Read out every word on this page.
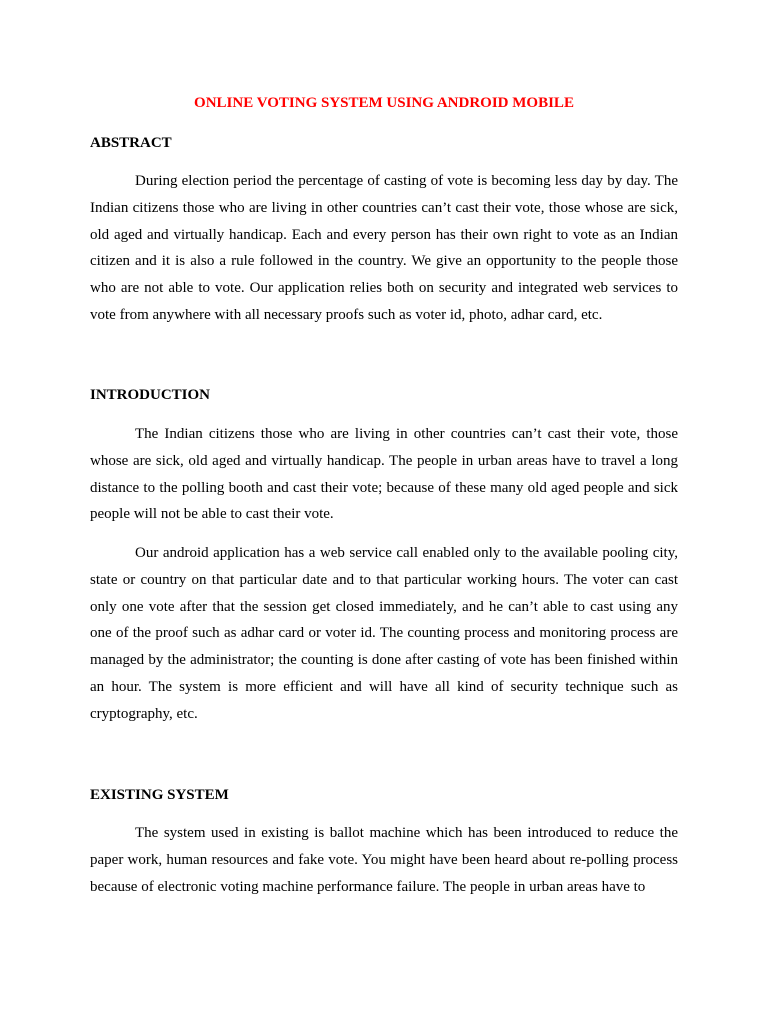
ONLINE VOTING SYSTEM USING ANDROID MOBILE
ABSTRACT

During election period the percentage of casting of vote is becoming less day by day. The Indian citizens those who are living in other countries can’t cast their vote, those whose are sick, old aged and virtually handicap. Each and every person has their own right to vote as an Indian citizen and it is also a rule followed in the country. We give an opportunity to the people those who are not able to vote. Our application relies both on security and integrated web services to vote from anywhere with all necessary proofs such as voter id, photo, adhar card, etc.

INTRODUCTION

The Indian citizens those who are living in other countries can’t cast their vote, those whose are sick, old aged and virtually handicap. The people in urban areas have to travel a long distance to the polling booth and cast their vote; because of these many old aged people and sick people will not be able to cast their vote.

Our android application has a web service call enabled only to the available pooling city, state or country on that particular date and to that particular working hours. The voter can cast only one vote after that the session get closed immediately, and he can’t able to cast using any one of the proof such as adhar card or voter id. The counting process and monitoring process are managed by the administrator; the counting is done after casting of vote has been finished within an hour. The system is more efficient and will have all kind of security technique such as cryptography, etc.

EXISTING SYSTEM

The system used in existing is ballot machine which has been introduced to reduce the paper work, human resources and fake vote. You might have been heard about re-polling process because of electronic voting machine performance failure. The people in urban areas have to
